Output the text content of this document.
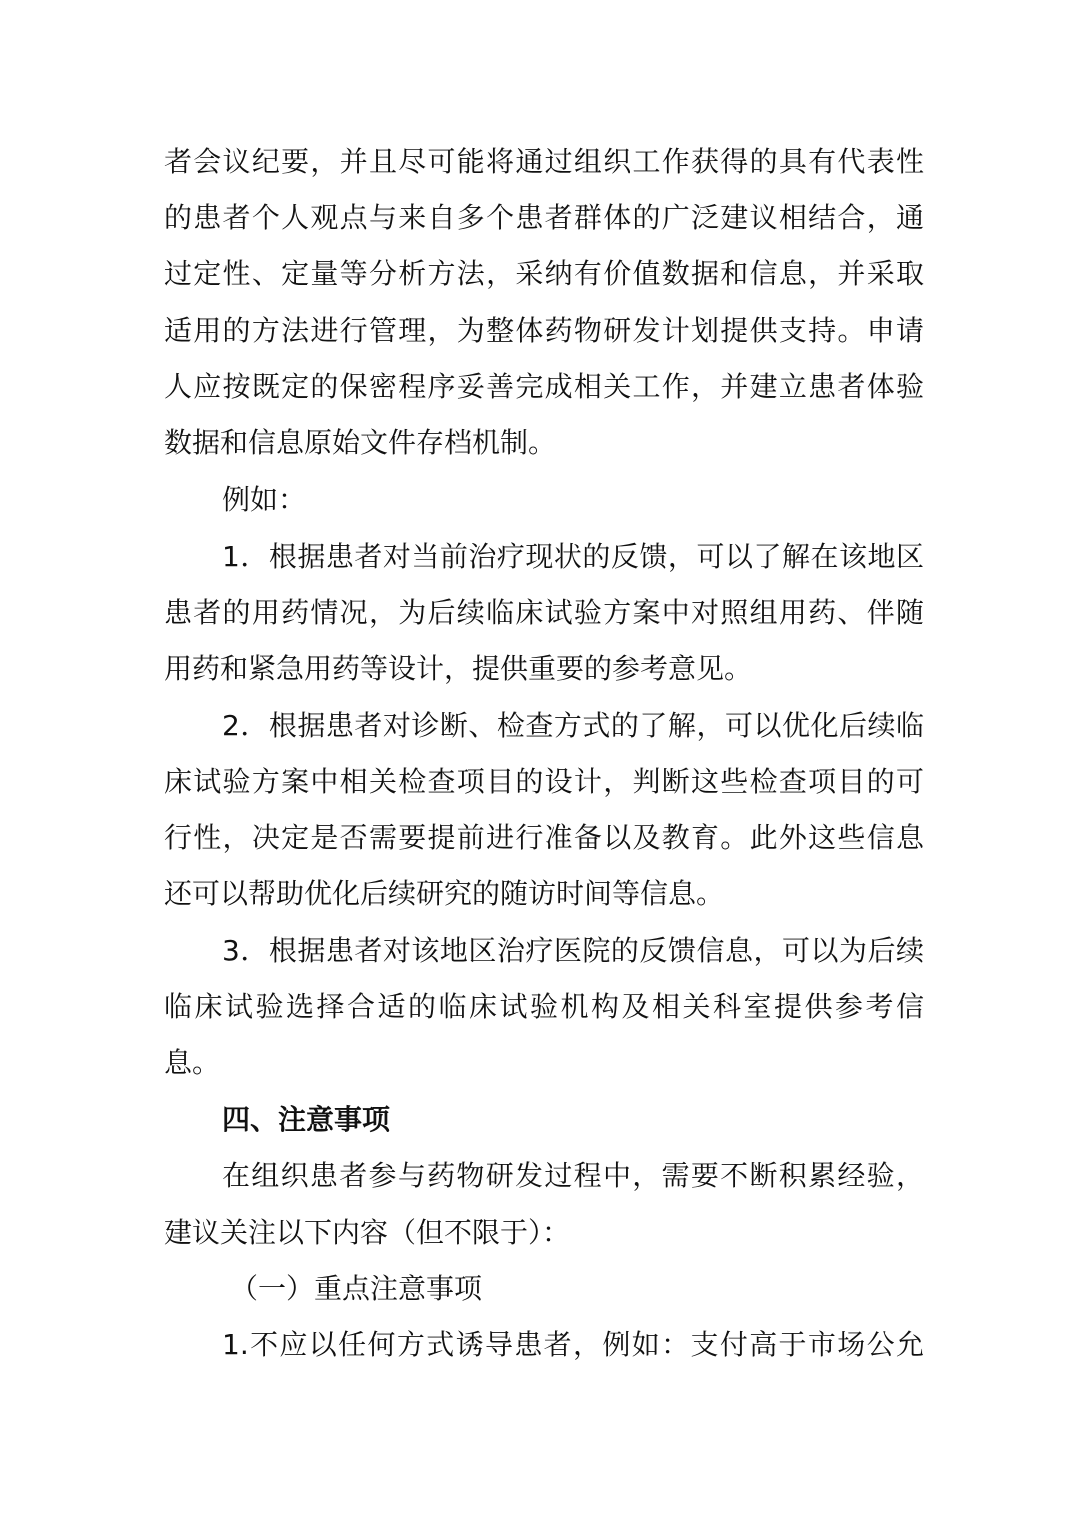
者会议纪要，并且尽可能将通过组织工作获得的具有代表性
的患者个人观点与来自多个患者群体的广泛建议相结合，通
过定性、定量等分析方法，采纳有价值数据和信息，并采取
适用的方法进行管理，为整体药物研发计划提供支持。申请
人应按既定的保密程序妥善完成相关工作，并建立患者体验
数据和信息原始文件存档机制。
例如：
1．根据患者对当前治疗现状的反馈，可以了解在该地区
患者的用药情况，为后续临床试验方案中对照组用药、伴随
用药和紧急用药等设计，提供重要的参考意见。
2．根据患者对诊断、检查方式的了解，可以优化后续临
床试验方案中相关检查项目的设计，判断这些检查项目的可
行性，决定是否需要提前进行准备以及教育。此外这些信息
还可以帮助优化后续研究的随访时间等信息。
3．根据患者对该地区治疗医院的反馈信息，可以为后续
临床试验选择合适的临床试验机构及相关科室提供参考信
息。
四、注意事项
在组织患者参与药物研发过程中，需要不断积累经验，
建议关注以下内容（但不限于）：
（一）重点注意事项
1.不应以任何方式诱导患者，例如：支付高于市场公允
